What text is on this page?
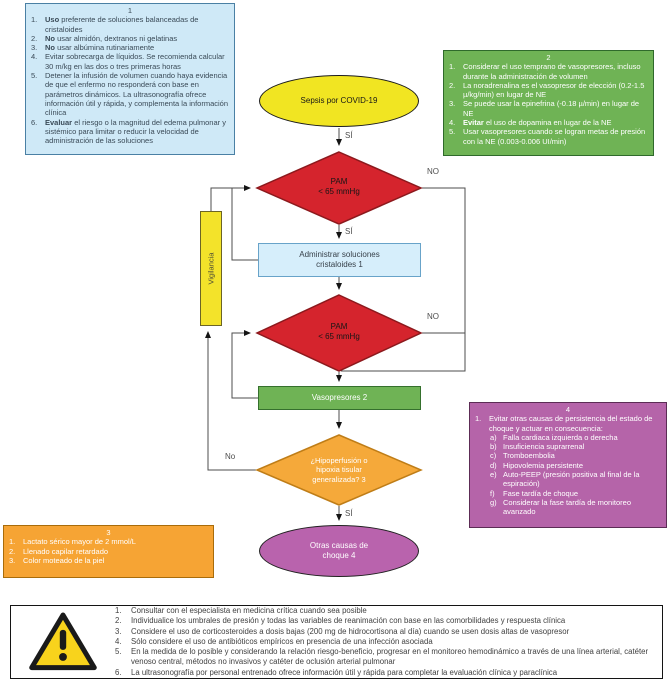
Sepsis por COVID-19
Otras causas de
choque 4
PAM
< 65 mmHg
PAM
< 65 mmHg
¿Hipoperfusión o
hipoxia tisular
generalizada? 3
Administrar soluciones
cristaloides 1
Vasopresores 2
Vigilancia
SÍ
NO
SÍ
NO
No
SÍ
1
1.	Uso preferente de soluciones balanceadas de cristaloides
2.	No usar almidón, dextranos ni gelatinas
3.	No usar albúmina rutinariamente
4.	Evitar sobrecarga de líquidos. Se recomienda calcular 30 m/kg en las dos o tres primeras horas
5.	Detener la infusión de volumen cuando haya evidencia de que el enfermo no responderá con base en parámetros dinámicos. La ultrasonografía ofrece información útil y rápida, y complementa la información clínica
6.	Evaluar el riesgo o la magnitud del edema pulmonar y sistémico para limitar o reducir la velocidad de administración de las soluciones
2
1.	Considerar el uso temprano de vasopresores, incluso durante la administración de volumen
2.	La noradrenalina es el vasopresor de elección (0.2-1.5 µ/kg/min) en lugar de NE
3.	Se puede usar la epinefrina (-0.18 µ/min) en lugar de NE
4.	Evitar el uso de dopamina en lugar de la NE
5.	Usar vasopresores cuando se logran metas de presión con la NE (0.003-0.006 UI/min)
3
1.	Lactato sérico mayor de 2 mmol/L
2.	Llenado capilar retardado
3.	Color moteado de la piel
4
1.	Evitar otras causas de persistencia del estado de choque y actuar en consecuencia:
a) Falla cardiaca izquierda o derecha
b) Insuficiencia suprarrenal
c) Tromboembolia
d) Hipovolemia persistente
e) Auto-PEEP (presión positiva al final de la espiración)
f) Fase tardía de choque
g) Considerar la fase tardía de monitoreo avanzado
1.	Consultar con el especialista en medicina crítica cuando sea posible
2.	Individualice los umbrales de presión y todas las variables de reanimación con base en las comorbilidades y respuesta clínica
3.	Considere el uso de corticosteroides a dosis bajas (200 mg de hidrocortisona al día) cuando se usen dosis altas de vasopresor
4.	Sólo considere el uso de antibióticos empíricos en presencia de una infección asociada
5.	En la medida de lo posible y considerando la relación riesgo-beneficio, progresar en el monitoreo hemodinámico a través de una línea arterial, catéter venoso central, métodos no invasivos y catéter de oclusión arterial pulmonar
6.	La ultrasonografía por personal entrenado ofrece información útil y rápida para completar la evaluación clínica y paraclínica
